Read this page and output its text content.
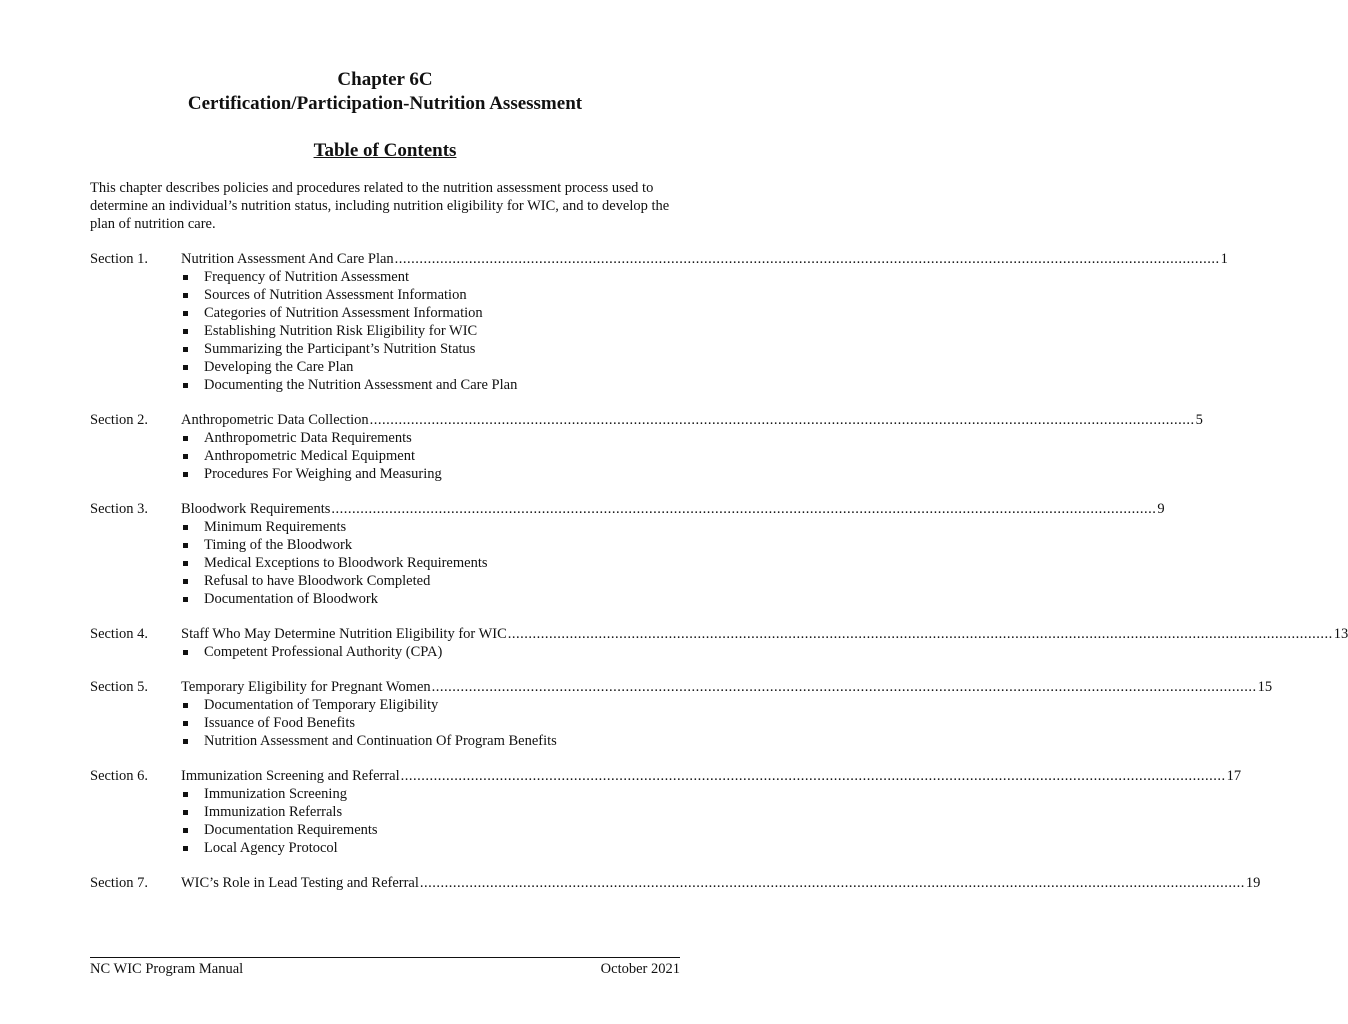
Chapter 6C
Certification/Participation-Nutrition Assessment
Table of Contents
This chapter describes policies and procedures related to the nutrition assessment process used to determine an individual’s nutrition status, including nutrition eligibility for WIC, and to develop the plan of nutrition care.
Section 1. Nutrition Assessment And Care Plan ........................................................................................................................................................................................................ 1
Frequency of Nutrition Assessment
Sources of Nutrition Assessment Information
Categories of Nutrition Assessment Information
Establishing Nutrition Risk Eligibility for WIC
Summarizing the Participant’s Nutrition Status
Developing the Care Plan
Documenting the Nutrition Assessment and Care Plan
Section 2. Anthropometric Data Collection ........................................................................................................................................................................................................ 5
Anthropometric Data Requirements
Anthropometric Medical Equipment
Procedures For Weighing and Measuring
Section 3. Bloodwork Requirements ........................................................................................................................................................................................................ 9
Minimum Requirements
Timing of the Bloodwork
Medical Exceptions to Bloodwork Requirements
Refusal to have Bloodwork Completed
Documentation of Bloodwork
Section 4. Staff Who May Determine Nutrition Eligibility for WIC ........................................................................................................................................................................................................ 13
Competent Professional Authority (CPA)
Section 5. Temporary Eligibility for Pregnant Women ........................................................................................................................................................................................................ 15
Documentation of Temporary Eligibility
Issuance of Food Benefits
Nutrition Assessment and Continuation Of Program Benefits
Section 6. Immunization Screening and Referral ........................................................................................................................................................................................................ 17
Immunization Screening
Immunization Referrals
Documentation Requirements
Local Agency Protocol
Section 7. WIC’s Role in Lead Testing and Referral ........................................................................................................................................................................................................ 19
NC WIC Program Manual	October 2021
